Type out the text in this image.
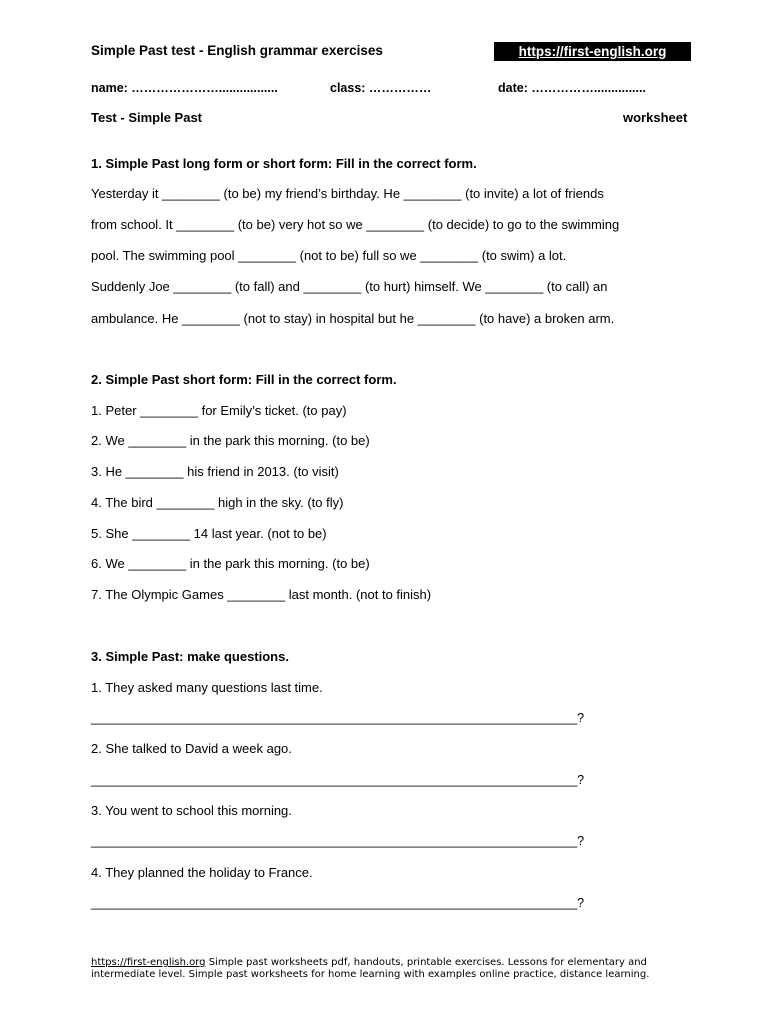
Simple Past test - English grammar exercises	https://first-english.org
name: ………………….................	class: ……………	date: ……………...............
Test - Simple Past	worksheet
1. Simple Past long form or short form: Fill in the correct form.
Yesterday it ________ (to be) my friend’s birthday. He ________ (to invite) a lot of friends
from school. It ________ (to be) very hot so we ________ (to decide) to go to the swimming
pool. The swimming pool ________ (not to be) full so we ________ (to swim) a lot.
Suddenly Joe ________ (to fall) and ________ (to hurt) himself. We ________ (to call) an
ambulance. He ________ (not to stay) in hospital but he ________ (to have) a broken arm.
2. Simple Past short form: Fill in the correct form.
1. Peter ________ for Emily’s ticket. (to pay)
2. We ________ in the park this morning. (to be)
3. He ________ his friend in 2013. (to visit)
4. The bird ________ high in the sky. (to fly)
5. She ________ 14 last year. (not to be)
6. We ________ in the park this morning. (to be)
7. The Olympic Games ________ last month. (not to finish)
3. Simple Past: make questions.
1. They asked many questions last time.
________________________________________________________________________?
2. She talked to David a week ago.
________________________________________________________________________?
3. You went to school this morning.
________________________________________________________________________?
4. They planned the holiday to France.
________________________________________________________________________?
https://first-english.org Simple past worksheets pdf, handouts, printable exercises. Lessons for elementary and intermediate level. Simple past worksheets for home learning with examples online practice, distance learning.
